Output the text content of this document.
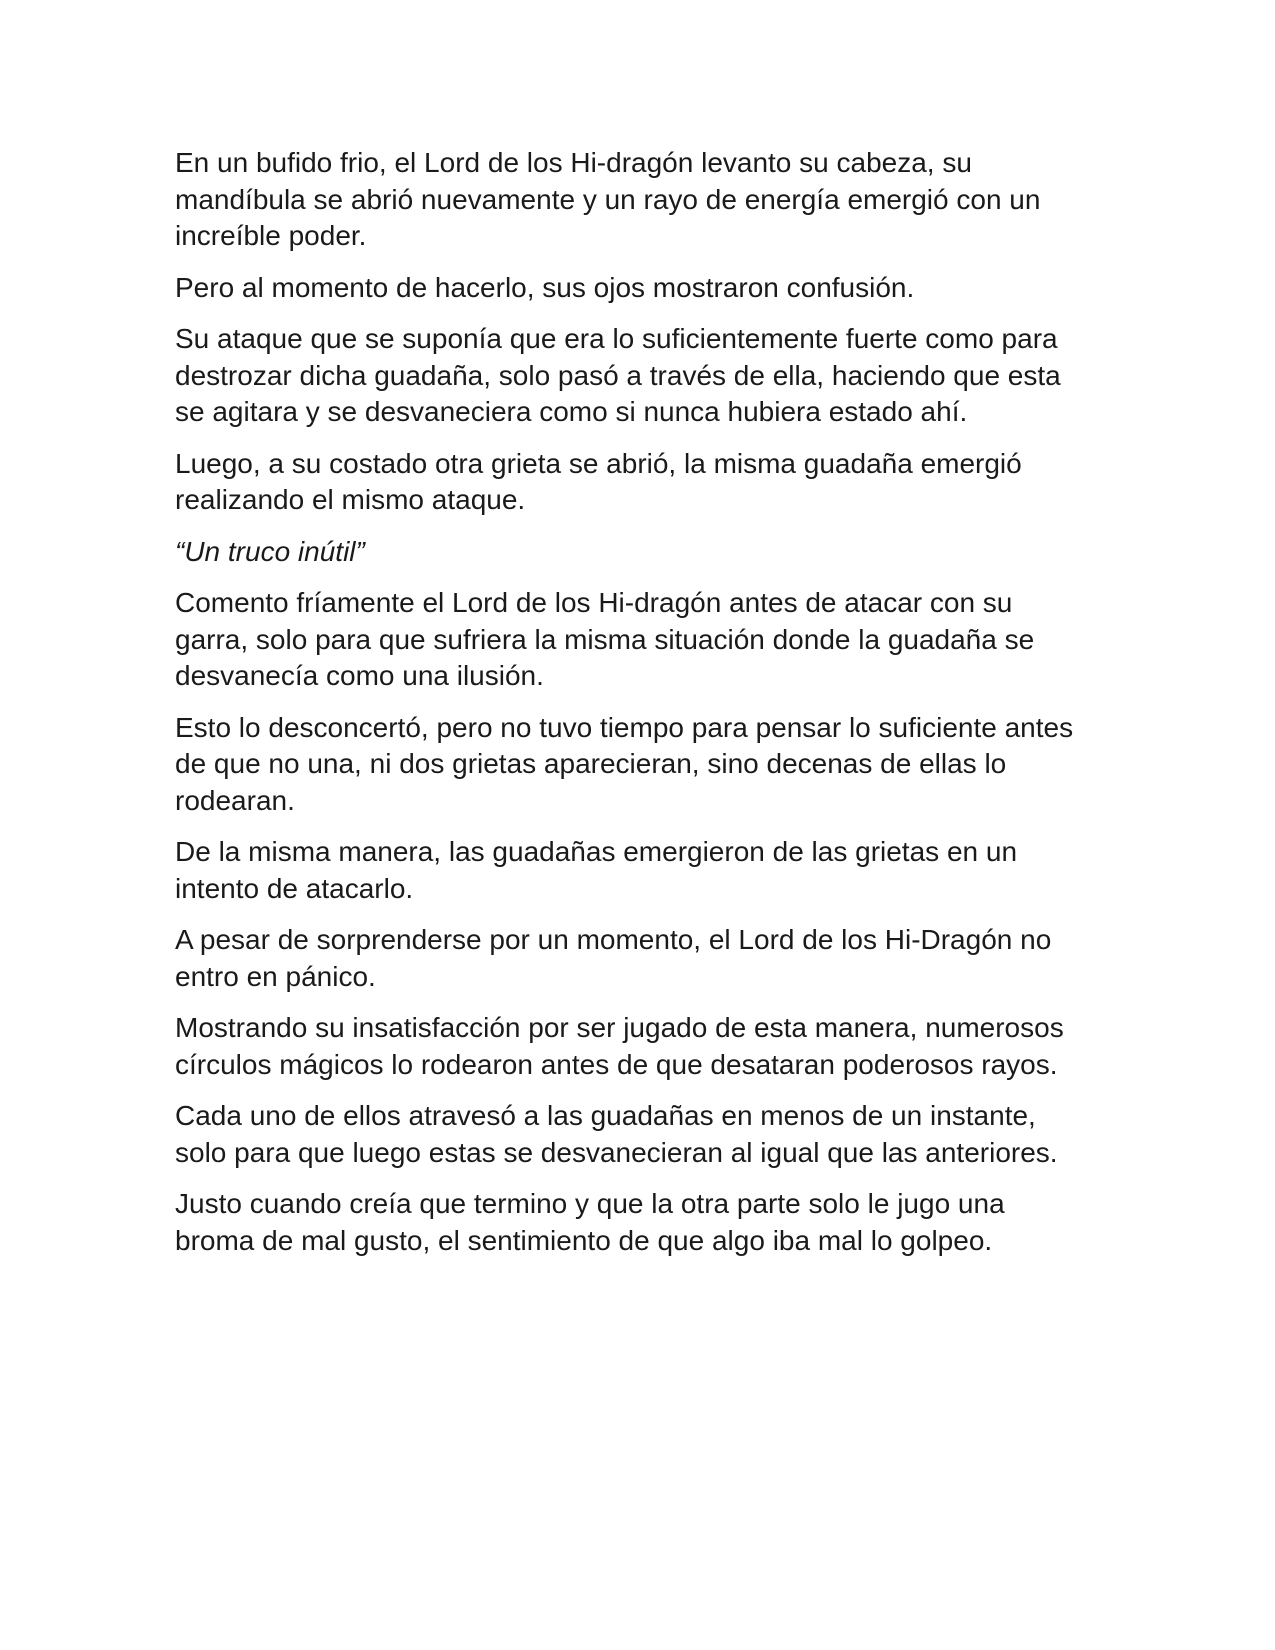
En un bufido frio, el Lord de los Hi-dragón levanto su cabeza, su mandíbula se abrió nuevamente y un rayo de energía emergió con un increíble poder.

Pero al momento de hacerlo, sus ojos mostraron confusión.

Su ataque que se suponía que era lo suficientemente fuerte como para destrozar dicha guadaña, solo pasó a través de ella, haciendo que esta se agitara y se desvaneciera como si nunca hubiera estado ahí.

Luego, a su costado otra grieta se abrió, la misma guadaña emergió realizando el mismo ataque.

“Un truco inútil”

Comento fríamente el Lord de los Hi-dragón antes de atacar con su garra, solo para que sufriera la misma situación donde la guadaña se desvanecía como una ilusión.

Esto lo desconcertó, pero no tuvo tiempo para pensar lo suficiente antes de que no una, ni dos grietas aparecieran, sino decenas de ellas lo rodearan.

De la misma manera, las guadañas emergieron de las grietas en un intento de atacarlo.

A pesar de sorprenderse por un momento, el Lord de los Hi-Dragón no entro en pánico.

Mostrando su insatisfacción por ser jugado de esta manera, numerosos círculos mágicos lo rodearon antes de que desataran poderosos rayos.

Cada uno de ellos atravesó a las guadañas en menos de un instante, solo para que luego estas se desvanecieran al igual que las anteriores.

Justo cuando creía que termino y que la otra parte solo le jugo una broma de mal gusto, el sentimiento de que algo iba mal lo golpeo.
